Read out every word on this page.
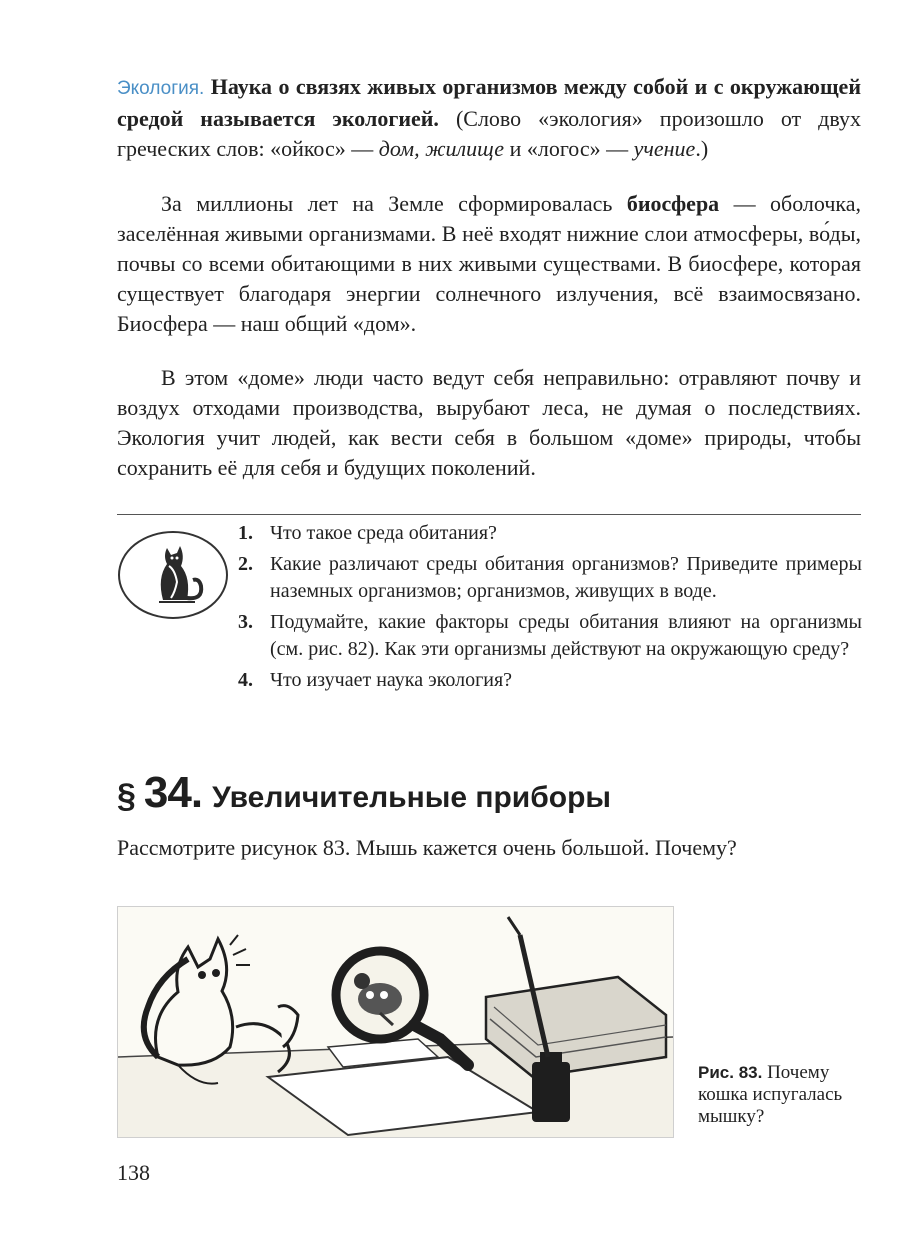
Экология. Наука о связях живых организмов между собой и с окружающей средой называется экологией. (Слово «экология» произошло от двух греческих слов: «ойкос» — дом, жилище и «логос» — учение.)

За миллионы лет на Земле сформировалась биосфера — оболочка, заселённая живыми организмами. В неё входят нижние слои атмосферы, во́ды, почвы со всеми обитающими в них живыми существами. В биосфере, которая существует благодаря энергии солнечного излучения, всё взаимосвязано. Биосфера — наш общий «дом».

В этом «доме» люди часто ведут себя неправильно: отравляют почву и воздух отходами производства, вырубают леса, не думая о последствиях. Экология учит людей, как вести себя в большом «доме» природы, чтобы сохранить её для себя и будущих поколений.

1. Что такое среда обитания?
2. Какие различают среды обитания организмов? Приведите примеры наземных организмов; организмов, живущих в воде.
3. Подумайте, какие факторы среды обитания влияют на организмы (см. рис. 82). Как эти организмы действуют на окружающую среду?
4. Что изучает наука экология?
§ 34. Увеличительные приборы

Рассмотрите рисунок 83. Мышь кажется очень большой. Почему?

Рис. 83. Почему кошка испугалась мышку?
138
